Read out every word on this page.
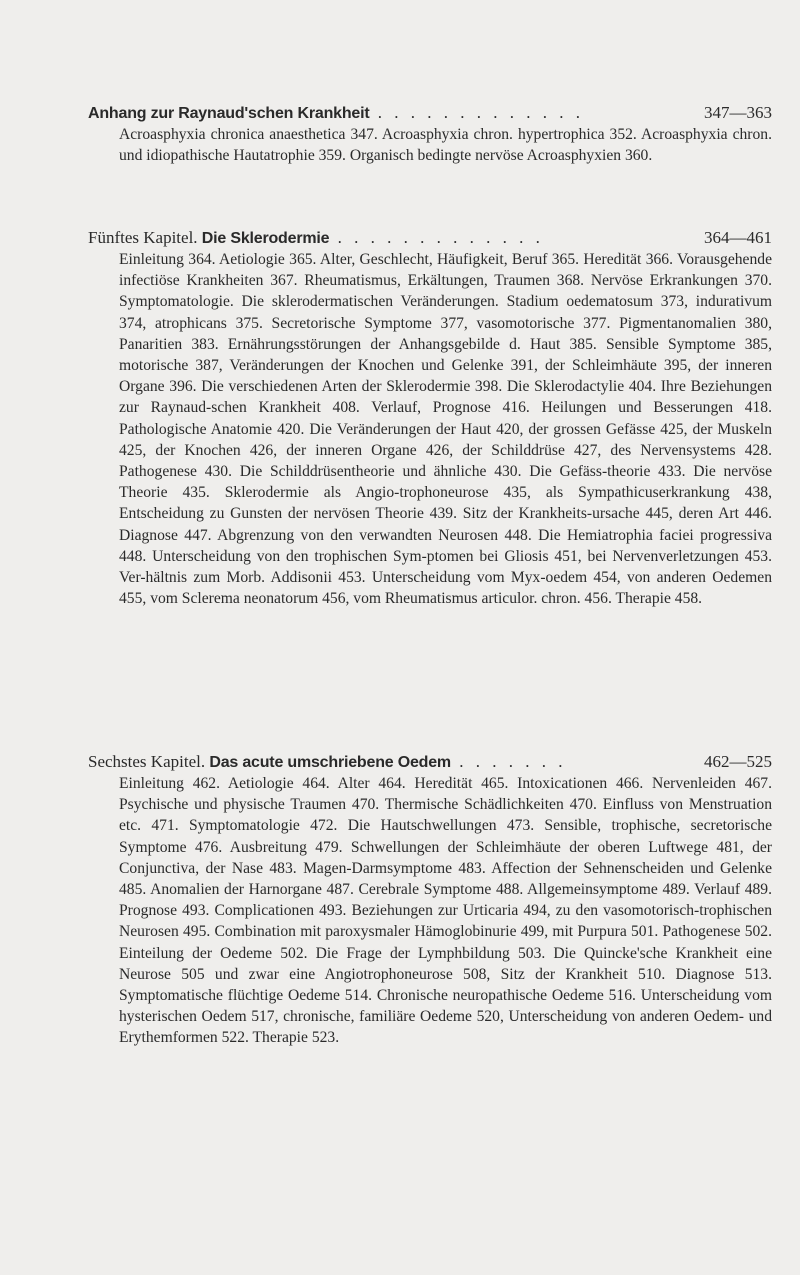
Anhang zur Raynaud'schen Krankheit . . . . . . . . . . . . .	347—363
Acroasphyxia chronica anaesthetica 347. Acroasphyxia chron. hypertrophica 352. Acroasphyxia chron. und idiopathische Hautatrophie 359. Organisch bedingte nervöse Acroasphyxien 360.
Fünftes Kapitel. Die Sklerodermie . . . . . . . . . . . . .	364—461
Einleitung 364. Aetiologie 365. Alter, Geschlecht, Häufigkeit, Beruf 365. Heredität 366. Vorausgehende infectiöse Krankheiten 367. Rheumatismus, Erkältungen, Traumen 368. Nervöse Erkrankungen 370. Symptomatologie. Die sklerodermatischen Veränderungen. Stadium oedematosum 373, indurativum 374, atrophicans 375. Secretorische Symptome 377, vasomotorische 377. Pigmentanomalien 380, Panaritien 383. Ernährungsstörungen der Anhangsgebilde d. Haut 385. Sensible Symptome 385, motorische 387, Veränderungen der Knochen und Gelenke 391, der Schleimhäute 395, der inneren Organe 396. Die verschiedenen Arten der Sklerodermie 398. Die Sklerodactylie 404. Ihre Beziehungen zur Raynaud-schen Krankheit 408. Verlauf, Prognose 416. Heilungen und Besserungen 418. Pathologische Anatomie 420. Die Veränderungen der Haut 420, der grossen Gefässe 425, der Muskeln 425, der Knochen 426, der inneren Organe 426, der Schilddrüse 427, des Nervensystems 428. Pathogenese 430. Die Schilddrüsentheorie und ähnliche 430. Die Gefäss-theorie 433. Die nervöse Theorie 435. Sklerodermie als Angio-trophoneurose 435, als Sympathicuserkrankung 438, Entscheidung zu Gunsten der nervösen Theorie 439. Sitz der Krankheits-ursache 445, deren Art 446. Diagnose 447. Abgrenzung von den verwandten Neurosen 448. Die Hemiatrophia faciei progressiva 448. Unterscheidung von den trophischen Sym-ptomen bei Gliosis 451, bei Nervenverletzungen 453. Ver-hältnis zum Morb. Addisonii 453. Unterscheidung vom Myx-oedem 454, von anderen Oedemen 455, vom Sclerema neonatorum 456, vom Rheumatismus articulor. chron. 456. Therapie 458.
Sechstes Kapitel. Das acute umschriebene Oedem . . . . . . .	462—525
Einleitung 462. Aetiologie 464. Alter 464. Heredität 465. Intoxicationen 466. Nervenleiden 467. Psychische und physische Traumen 470. Thermische Schädlichkeiten 470. Einfluss von Menstruation etc. 471. Symptomatologie 472. Die Hautschwellungen 473. Sensible, trophische, secretorische Symptome 476. Ausbreitung 479. Schwellungen der Schleimhäute der oberen Luftwege 481, der Conjunctiva, der Nase 483. Magen-Darmsymptome 483. Affection der Sehnenscheiden und Gelenke 485. Anomalien der Harnorgane 487. Cerebrale Symptome 488. Allgemeinsymptome 489. Verlauf 489. Prognose 493. Complicationen 493. Beziehungen zur Urticaria 494, zu den vasomotorisch-trophischen Neurosen 495. Combination mit paroxysmaler Hämoglobinurie 499, mit Purpura 501. Pathogenese 502. Einteilung der Oedeme 502. Die Frage der Lymphbildung 503. Die Quincke'sche Krankheit eine Neurose 505 und zwar eine Angiotrophoneurose 508, Sitz der Krankheit 510. Diagnose 513. Symptomatische flüchtige Oedeme 514. Chronische neuropathische Oedeme 516. Unterscheidung vom hysterischen Oedem 517, chronische, familiäre Oedeme 520, Unterscheidung von anderen Oedem- und Erythemformen 522. Therapie 523.
